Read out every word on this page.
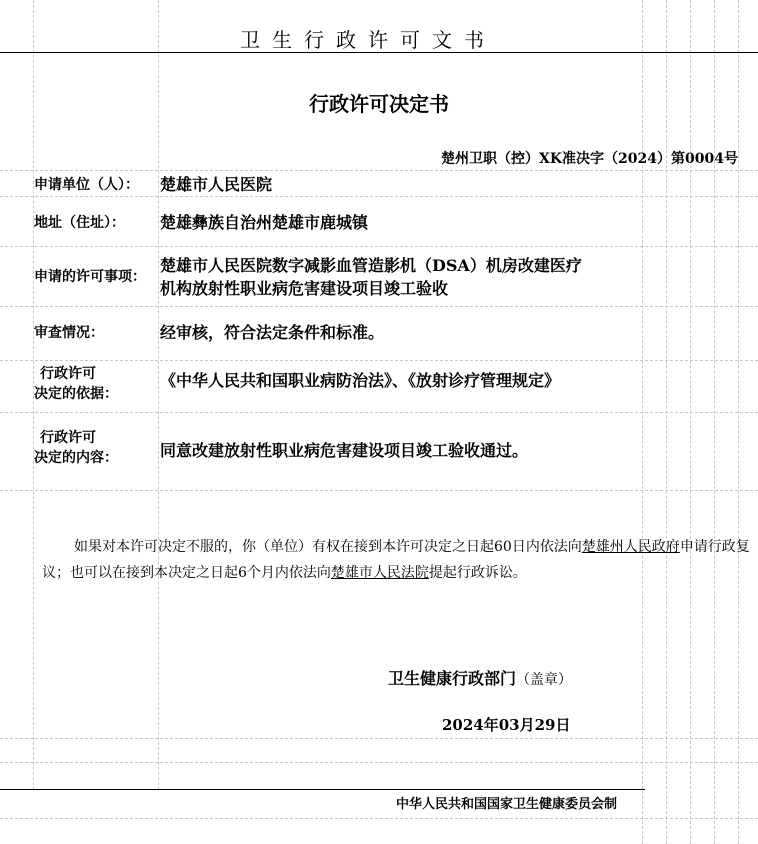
卫生行政许可文书
行政许可决定书
楚州卫职（控）XK准决字（2024）第0004号
申请单位（人）： 楚雄市人民医院
地址（住址）： 楚雄彝族自治州楚雄市鹿城镇
申请的许可事项：
楚雄市人民医院数字减影血管造影机（DSA）机房改建医疗
机构放射性职业病危害建设项目竣工验收
审查情况：	经审核，符合法定条件和标准。
行政许可
决定的依据：
《中华人民共和国职业病防治法》、《放射诊疗管理规定》
行政许可
决定的内容：	同意改建放射性职业病危害建设项目竣工验收通过。
如果对本许可决定不服的，你（单位）有权在接到本许可决定之日起60日内依法向楚雄州人民政府申请行政复议；也可以在接到本决定之日起6个月内依法向楚雄市人民法院提起行政诉讼。
卫生健康行政部门（盖章）
2024年03月29日
中华人民共和国国家卫生健康委员会制
